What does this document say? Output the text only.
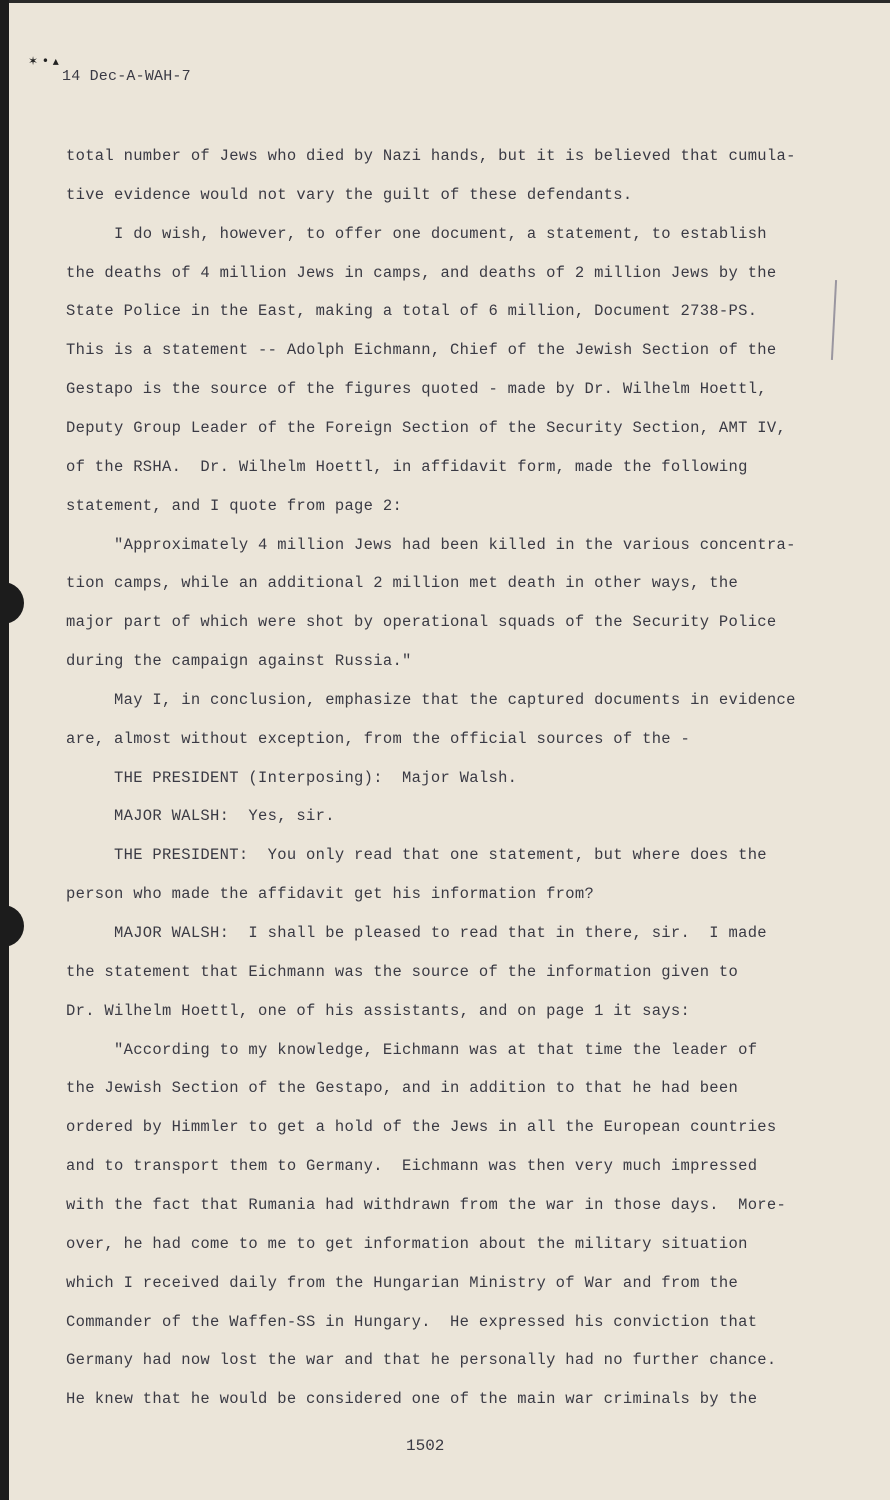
✶ • ▴
14 Dec-A-WAH-7
total number of Jews who died by Nazi hands, but it is believed that cumula-
tive evidence would not vary the guilt of these defendants.
I do wish, however, to offer one document, a statement, to establish
the deaths of 4 million Jews in camps, and deaths of 2 million Jews by the
State Police in the East, making a total of 6 million, Document 2738-PS.
This is a statement -- Adolph Eichmann, Chief of the Jewish Section of the
Gestapo is the source of the figures quoted - made by Dr. Wilhelm Hoettl,
Deputy Group Leader of the Foreign Section of the Security Section, AMT IV,
of the RSHA.  Dr. Wilhelm Hoettl, in affidavit form, made the following
statement, and I quote from page 2:
"Approximately 4 million Jews had been killed in the various concentra-
tion camps, while an additional 2 million met death in other ways, the
major part of which were shot by operational squads of the Security Police
during the campaign against Russia."
May I, in conclusion, emphasize that the captured documents in evidence
are, almost without exception, from the official sources of the -
THE PRESIDENT (Interposing):  Major Walsh.
MAJOR WALSH:  Yes, sir.
THE PRESIDENT:  You only read that one statement, but where does the
person who made the affidavit get his information from?
MAJOR WALSH:  I shall be pleased to read that in there, sir.  I made
the statement that Eichmann was the source of the information given to
Dr. Wilhelm Hoettl, one of his assistants, and on page 1 it says:
"According to my knowledge, Eichmann was at that time the leader of
the Jewish Section of the Gestapo, and in addition to that he had been
ordered by Himmler to get a hold of the Jews in all the European countries
and to transport them to Germany.  Eichmann was then very much impressed
with the fact that Rumania had withdrawn from the war in those days.  More-
over, he had come to me to get information about the military situation
which I received daily from the Hungarian Ministry of War and from the
Commander of the Waffen-SS in Hungary.  He expressed his conviction that
Germany had now lost the war and that he personally had no further chance.
He knew that he would be considered one of the main war criminals by the
1502
